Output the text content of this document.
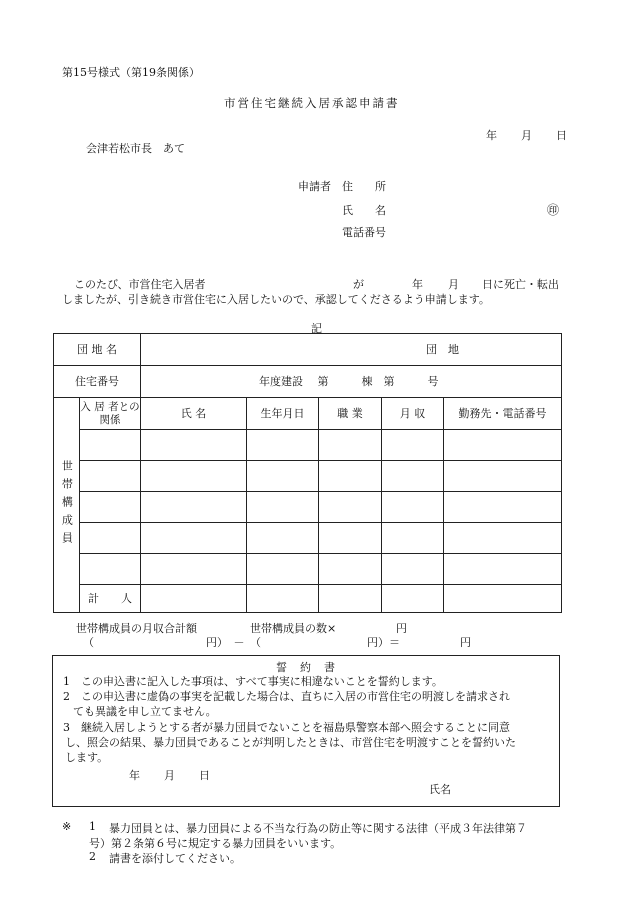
第15号様式（第19条関係）
市営住宅継続入居承認申請書
年 月 日
会津若松市長　あて
申請者 住　　所
氏　　名	㊞
電話番号
このたび、市営住宅入居者	が	年 月 日に死亡・転出
しましたが、引き続き市営住宅に入居したいので、承認してくださるよう申請します。
記
団 地 名		団　地				
住宅番号		年度建設　 第　　　棟　第　　　号				
世帯構成員	入 居 者との関係	氏 名	生年月日	職 業	月 収	勤務先・電話番号

	計　　人					
世帯構成員の月収合計額	世帯構成員の数×	円
（	円）　－　（	円）＝	円
誓　約　書
1　この申込書に記入した事項は、すべて事実に相違ないことを誓約します。
2　この申込書に虚偽の事実を記載した場合は、直ちに入居の市営住宅の明渡しを請求され
ても異議を申し立てません。
3　継続入居しようとする者が暴力団員でないことを福島県警察本部へ照会することに同意
し、照会の結果、暴力団員であることが判明したときは、市営住宅を明渡すことを誓約いた
します。
年 月 日
氏名
※ 1 暴力団員とは、暴力団員による不当な行為の防止等に関する法律（平成３年法律第７
号）第２条第６号に規定する暴力団員をいいます。
2 請書を添付してください。
